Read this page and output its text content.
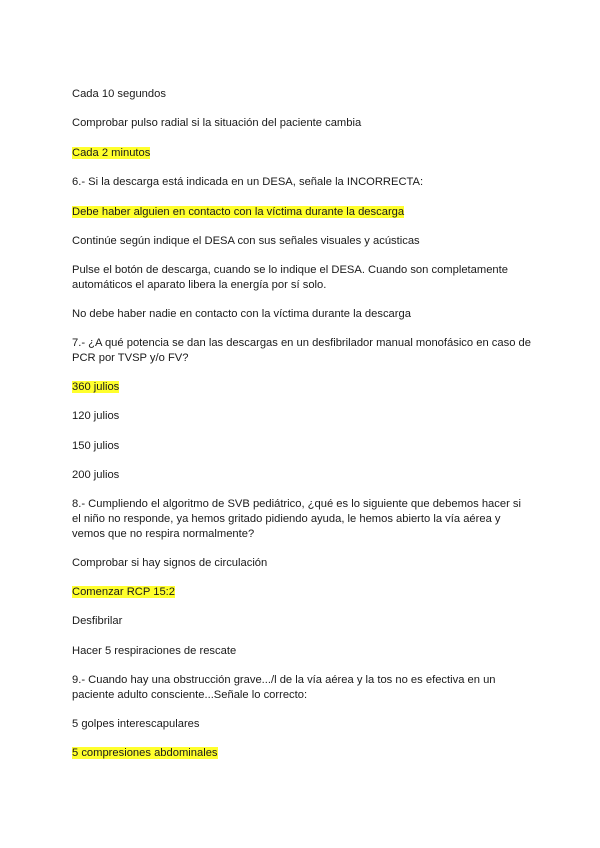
Cada 10 segundos
Comprobar pulso radial si la situación del paciente cambia
Cada 2 minutos
6.- Si la descarga está indicada en un DESA, señale la INCORRECTA:
Debe haber alguien en contacto con la víctima durante la descarga
Continúe según indique el DESA con sus señales visuales y acústicas
Pulse el botón de descarga, cuando se lo indique el DESA. Cuando son completamente automáticos el aparato libera la energía por sí solo.
No debe haber nadie en contacto con la víctima durante la descarga
7.- ¿A qué potencia se dan las descargas en un desfibrilador manual monofásico en caso de PCR por TVSP y/o FV?
360 julios
120 julios
150 julios
200 julios
8.- Cumpliendo el algoritmo de SVB pediátrico, ¿qué es lo siguiente que debemos hacer si el niño no responde, ya hemos gritado pidiendo ayuda, le hemos abierto la vía aérea y vemos que no respira normalmente?
Comprobar si hay signos de circulación
Comenzar RCP 15:2
Desfibrilar
Hacer 5 respiraciones de rescate
9.- Cuando hay una obstrucción grave.../l de la vía aérea y la tos no es efectiva en un paciente adulto consciente...Señale lo correcto:
5 golpes interescapulares
5 compresiones abdominales
